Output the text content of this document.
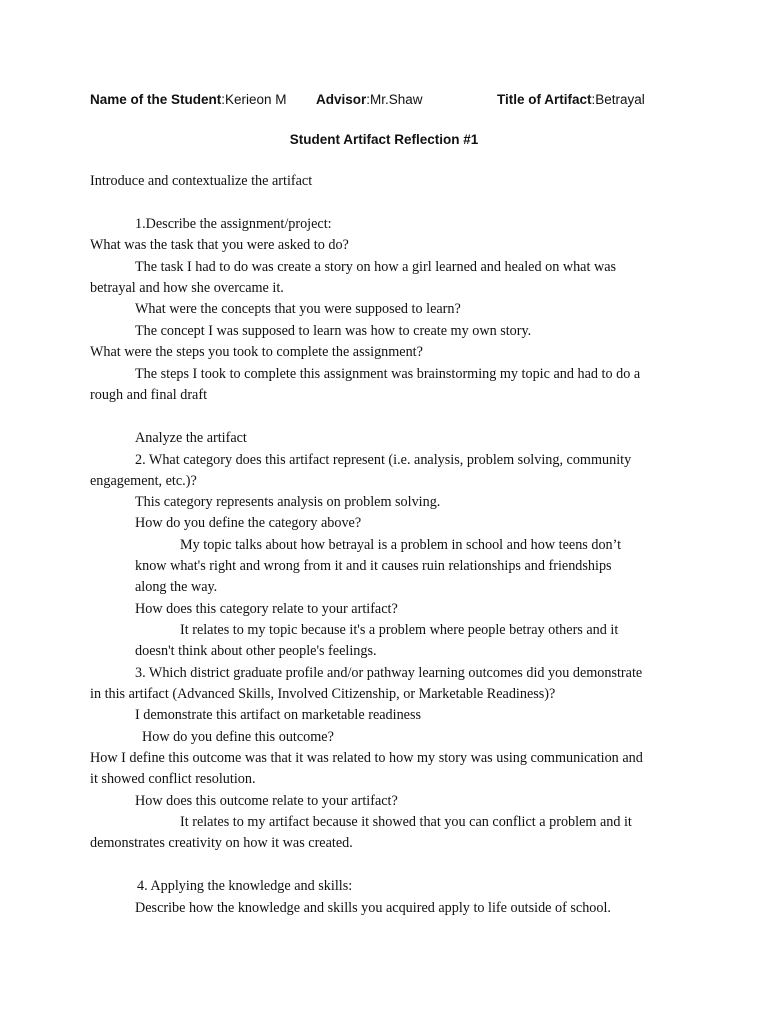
Name of the Student:Kerieon M Advisor:Mr.Shaw	Title of Artifact:Betrayal
Student Artifact Reflection #1
Introduce and contextualize the artifact
1.Describe the assignment/project:
What was the task that you were asked to do?
The task I had to do was create a story on how a girl learned and healed on what was
betrayal and how she overcame it.
What were the concepts that you were supposed to learn?
The concept I was supposed to learn was how to create my own story.
What were the steps you took to complete the assignment?
The steps I took to complete this assignment was brainstorming my topic and had to do a
rough and final draft
Analyze the artifact
2. What category does this artifact represent (i.e. analysis, problem solving, community
engagement, etc.)?
This category represents analysis on problem solving.
How do you define the category above?
My topic talks about how betrayal is a problem in school and how teens don’t
know what's right and wrong from it and it causes ruin relationships and friendships
along the way.
How does this category relate to your artifact?
It relates to my topic because it's a problem where people betray others and it
doesn't think about other people's feelings.
3. Which district graduate profile and/or pathway learning outcomes did you demonstrate
in this artifact (Advanced Skills, Involved Citizenship, or Marketable Readiness)?
I demonstrate this artifact on marketable readiness
How do you define this outcome?
How I define this outcome was that it was related to how my story was using communication and
it showed conflict resolution.
How does this outcome relate to your artifact?
It relates to my artifact because it showed that you can conflict a problem and it
demonstrates creativity on how it was created.
4. Applying the knowledge and skills:
Describe how the knowledge and skills you acquired apply to life outside of school.
